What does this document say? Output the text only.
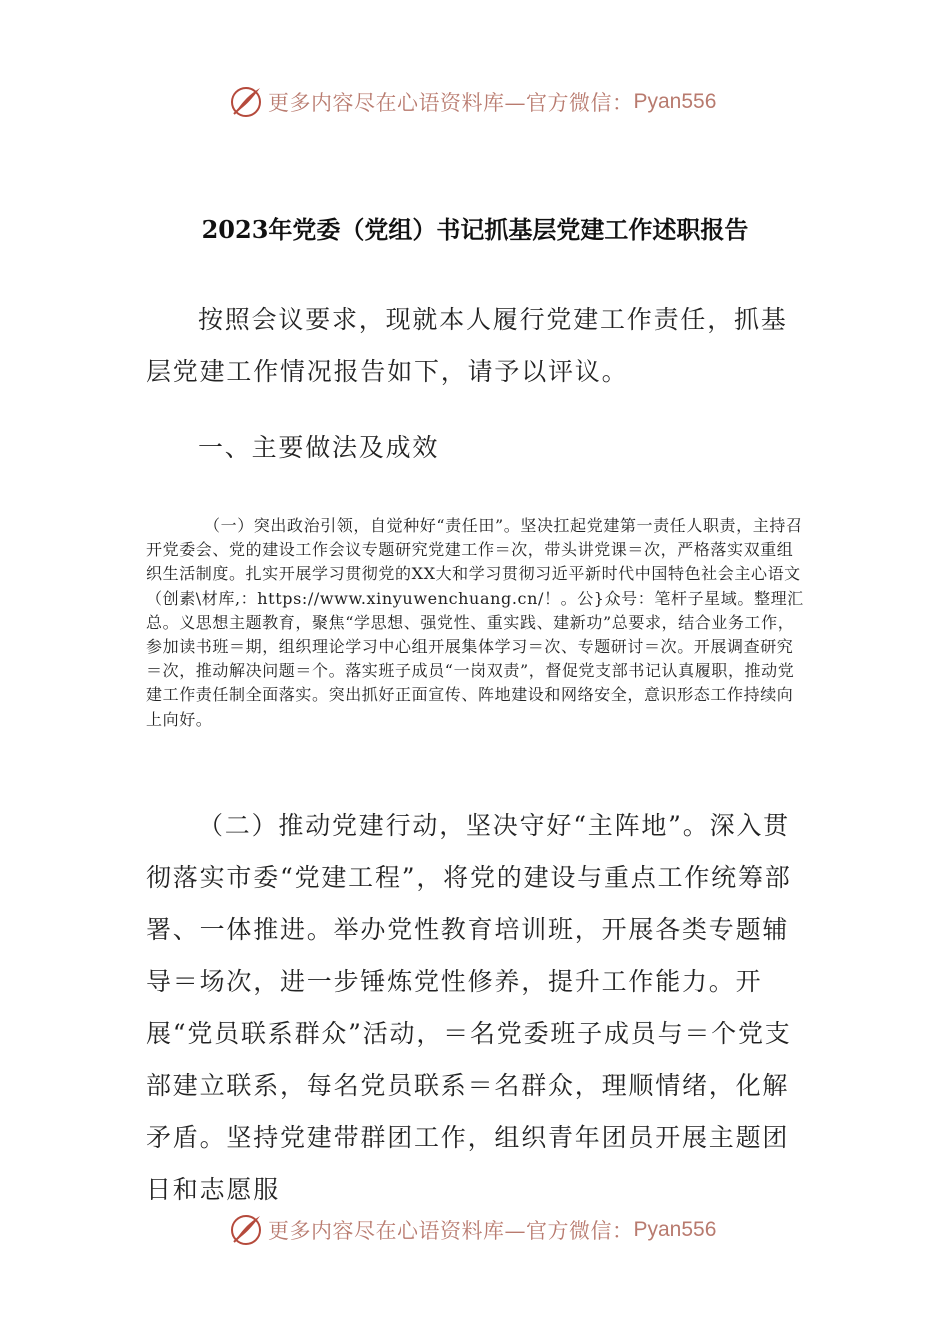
更多内容尽在心语资料库—官方微信： Pyan556
2023年党委（党组）书记抓基层党建工作述职报告

按照会议要求，现就本人履行党建工作责任，抓基层党建工作情况报告如下，请予以评议。

一、主要做法及成效

（一）突出政治引领，自觉种好“责任田”。坚决扛起党建第一责任人职责，主持召开党委会、党的建设工作会议专题研究党建工作＝次，带头讲党课＝次，严格落实双重组织生活制度。扎实开展学习贯彻党的XX大和学习贯彻习近平新时代中国特色社会主心语文（创素\材库,：https://www.xinyuwenchuang.cn/！。公}众号：笔杆子星域。整理汇总。义思想主题教育，聚焦“学思想、强党性、重实践、建新功”总要求，结合业务工作，参加读书班＝期，组织理论学习中心组开展集体学习＝次、专题研讨＝次。开展调查研究＝次，推动解决问题＝个。落实班子成员“一岗双责”，督促党支部书记认真履职，推动党建工作责任制全面落实。突出抓好正面宣传、阵地建设和网络安全，意识形态工作持续向上向好。

（二）推动党建行动，坚决守好“主阵地”。深入贯彻落实市委“党建工程”，将党的建设与重点工作统筹部署、一体推进。举办党性教育培训班，开展各类专题辅导＝场次，进一步锤炼党性修养，提升工作能力。开展“党员联系群众”活动，＝名党委班子成员与＝个党支部建立联系，每名党员联系＝名群众，理顺情绪，化解矛盾。坚持党建带群团工作，组织青年团员开展主题团日和志愿服

更多内容尽在心语资料库—官方微信： Pyan556
